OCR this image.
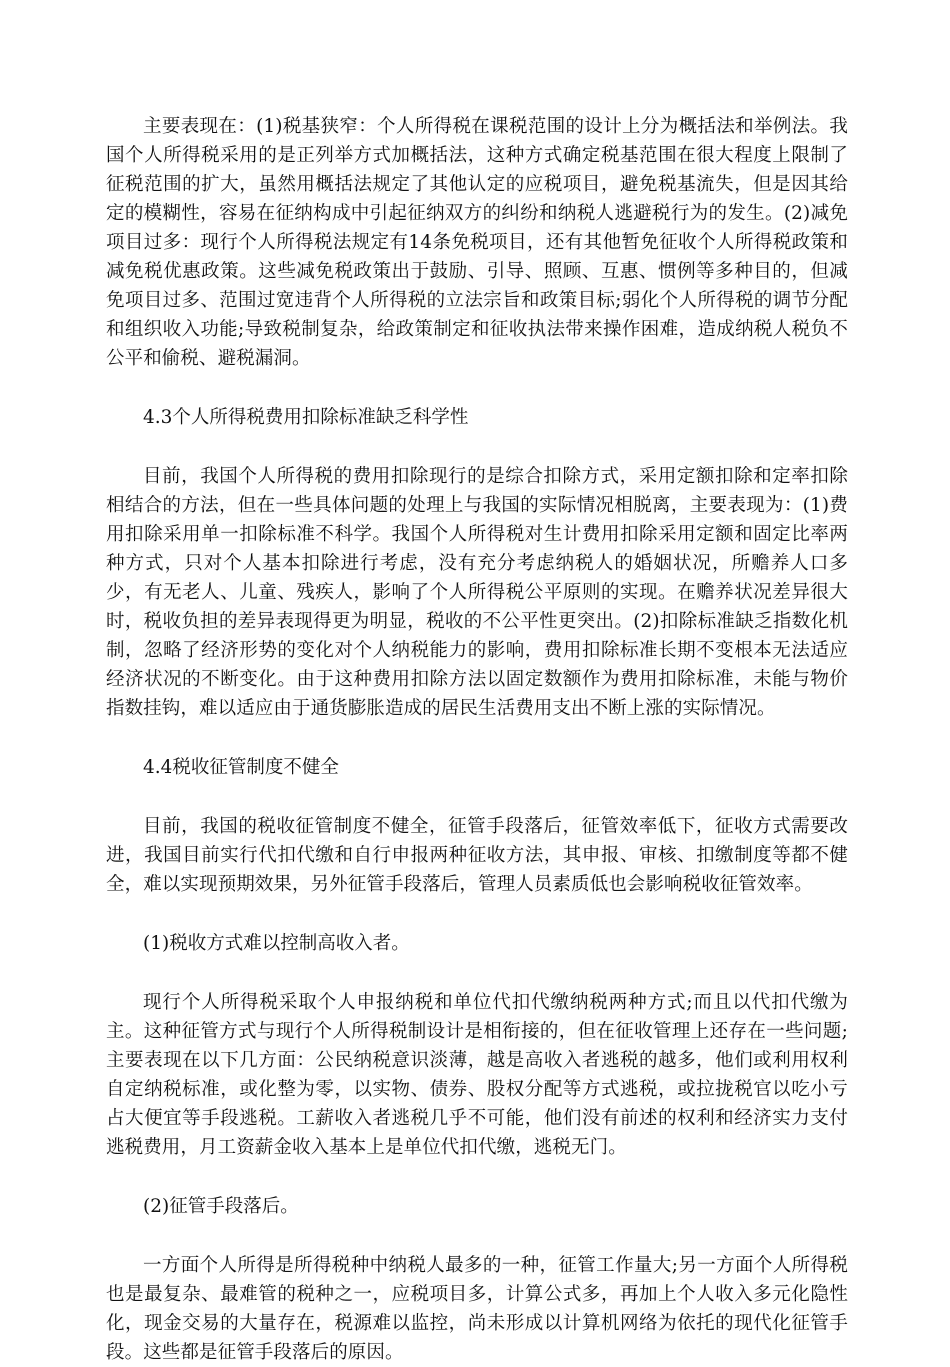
主要表现在：(1)税基狭窄：个人所得税在课税范围的设计上分为概括法和举例法。我国个人所得税采用的是正列举方式加概括法，这种方式确定税基范围在很大程度上限制了征税范围的扩大，虽然用概括法规定了其他认定的应税项目，避免税基流失，但是因其给定的模糊性，容易在征纳构成中引起征纳双方的纠纷和纳税人逃避税行为的发生。(2)减免项目过多：现行个人所得税法规定有14条免税项目，还有其他暂免征收个人所得税政策和减免税优惠政策。这些减免税政策出于鼓励、引导、照顾、互惠、惯例等多种目的，但减免项目过多、范围过宽违背个人所得税的立法宗旨和政策目标;弱化个人所得税的调节分配和组织收入功能;导致税制复杂，给政策制定和征收执法带来操作困难，造成纳税人税负不公平和偷税、避税漏洞。

4.3个人所得税费用扣除标准缺乏科学性

目前，我国个人所得税的费用扣除现行的是综合扣除方式，采用定额扣除和定率扣除相结合的方法，但在一些具体问题的处理上与我国的实际情况相脱离，主要表现为：(1)费用扣除采用单一扣除标准不科学。我国个人所得税对生计费用扣除采用定额和固定比率两种方式，只对个人基本扣除进行考虑，没有充分考虑纳税人的婚姻状况，所赡养人口多少，有无老人、儿童、残疾人，影响了个人所得税公平原则的实现。在赡养状况差异很大时，税收负担的差异表现得更为明显，税收的不公平性更突出。(2)扣除标准缺乏指数化机制，忽略了经济形势的变化对个人纳税能力的影响，费用扣除标准长期不变根本无法适应经济状况的不断变化。由于这种费用扣除方法以固定数额作为费用扣除标准，未能与物价指数挂钩，难以适应由于通货膨胀造成的居民生活费用支出不断上涨的实际情况。

4.4税收征管制度不健全

目前，我国的税收征管制度不健全，征管手段落后，征管效率低下，征收方式需要改进，我国目前实行代扣代缴和自行申报两种征收方法，其申报、审核、扣缴制度等都不健全，难以实现预期效果，另外征管手段落后，管理人员素质低也会影响税收征管效率。

(1)税收方式难以控制高收入者。

现行个人所得税采取个人申报纳税和单位代扣代缴纳税两种方式;而且以代扣代缴为主。这种征管方式与现行个人所得税制设计是相衔接的，但在征收管理上还存在一些问题;主要表现在以下几方面：公民纳税意识淡薄，越是高收入者逃税的越多，他们或利用权利自定纳税标准，或化整为零，以实物、债券、股权分配等方式逃税，或拉拢税官以吃小亏占大便宜等手段逃税。工薪收入者逃税几乎不可能，他们没有前述的权利和经济实力支付逃税费用，月工资薪金收入基本上是单位代扣代缴，逃税无门。

(2)征管手段落后。

一方面个人所得是所得税种中纳税人最多的一种，征管工作量大;另一方面个人所得税也是最复杂、最难管的税种之一，应税项目多，计算公式多，再加上个人收入多元化隐性化，现金交易的大量存在，税源难以监控，尚未形成以计算机网络为依托的现代化征管手段。这些都是征管手段落后的原因。
